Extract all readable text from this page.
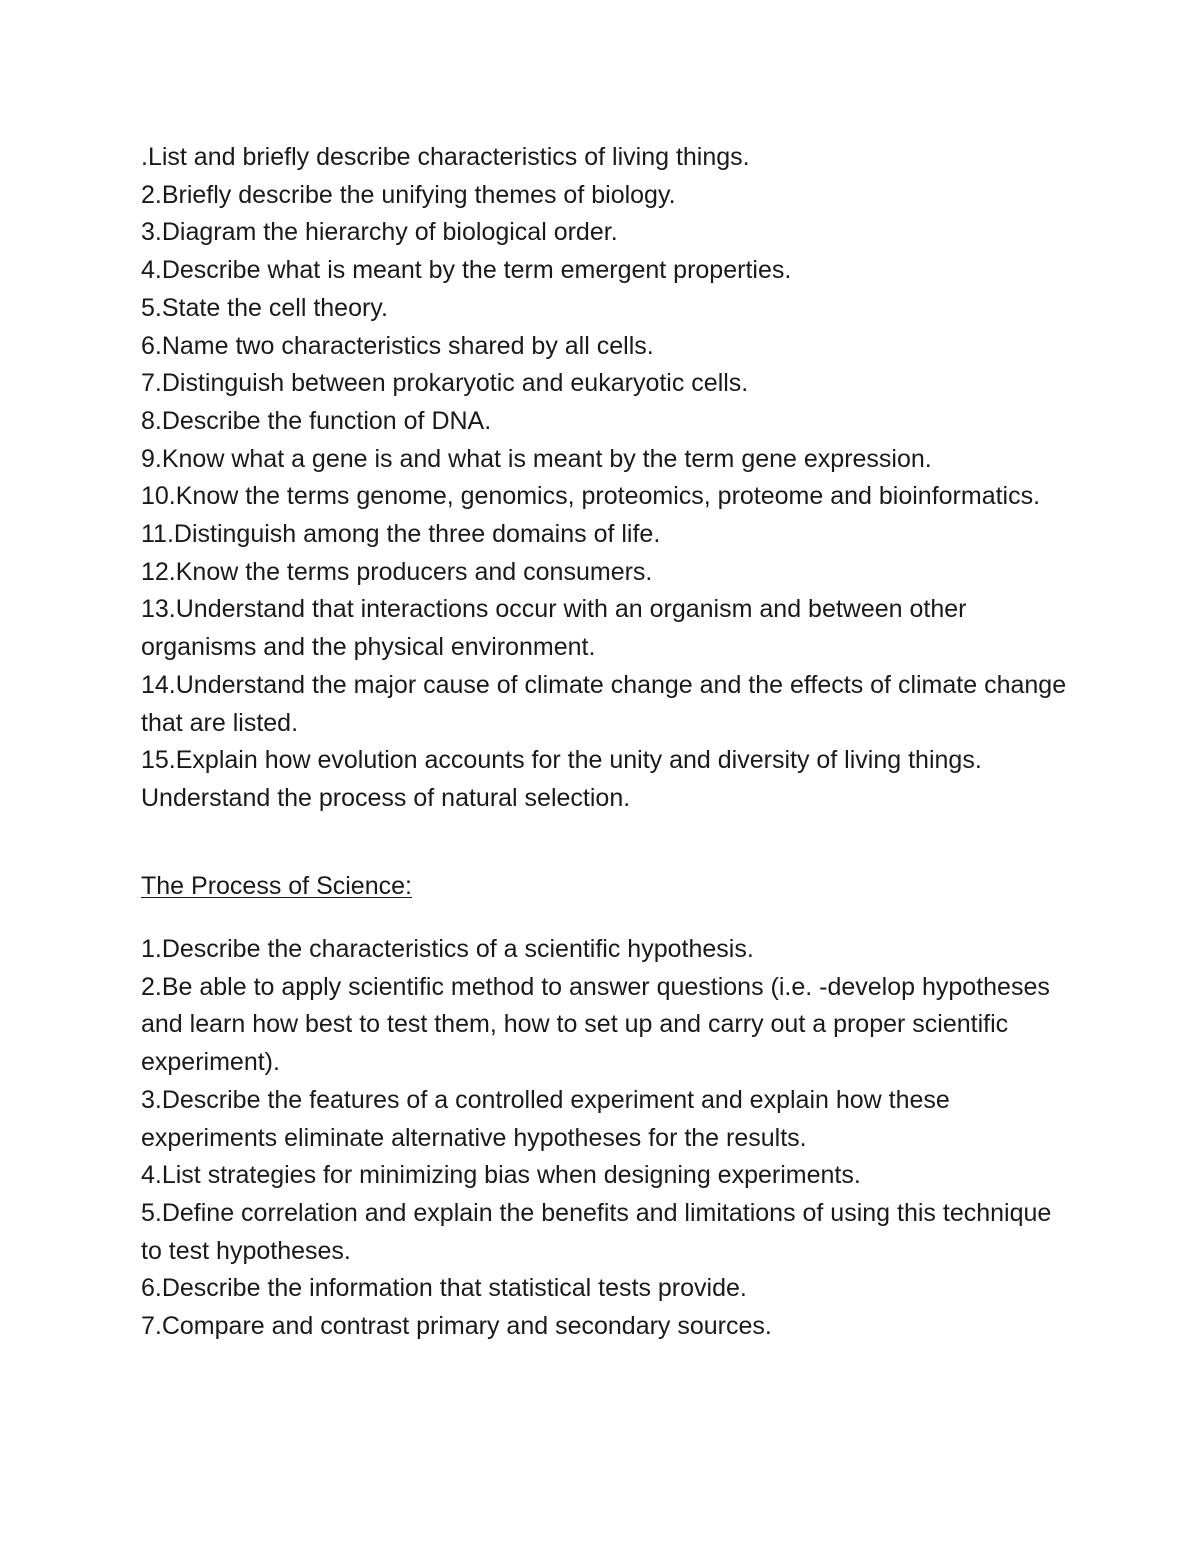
.List and briefly describe characteristics of living things.
2.Briefly describe the unifying themes of biology.
3.Diagram the hierarchy of biological order.
4.Describe what is meant by the term emergent properties.
5.State the cell theory.
6.Name two characteristics shared by all cells.
7.Distinguish between prokaryotic and eukaryotic cells.
8.Describe the function of DNA.
9.Know what a gene is and what is meant by the term gene expression.
10.Know the terms genome, genomics, proteomics, proteome and bioinformatics.
11.Distinguish among the three domains of life.
12.Know the terms producers and consumers.
13.Understand that interactions occur with an organism and between other organisms and the physical environment.
14.Understand the major cause of climate change and the effects of climate change that are listed.
15.Explain how evolution accounts for the unity and diversity of living things. Understand the process of natural selection.
The Process of Science:
1.Describe the characteristics of a scientific hypothesis.
2.Be able to apply scientific method to answer questions (i.e. -develop hypotheses and learn how best to test them, how to set up and carry out a proper scientific experiment).
3.Describe the features of a controlled experiment and explain how these experiments eliminate alternative hypotheses for the results.
4.List strategies for minimizing bias when designing experiments.
5.Define correlation and explain the benefits and limitations of using this technique to test hypotheses.
6.Describe the information that statistical tests provide.
7.Compare and contrast primary and secondary sources.
